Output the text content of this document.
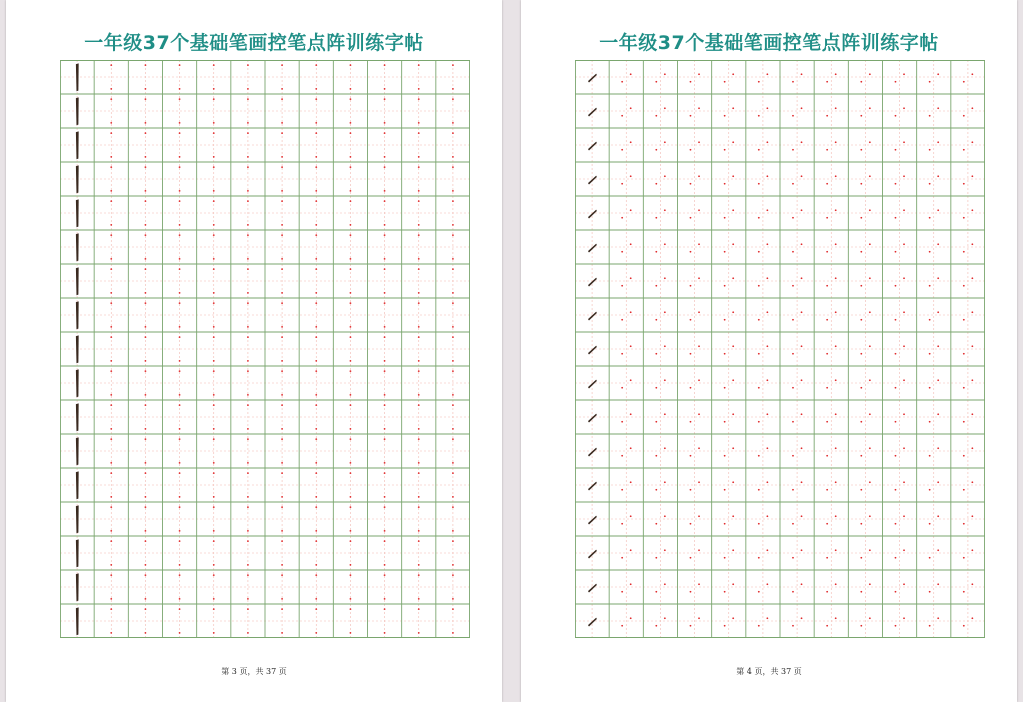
一年级37个基础笔画控笔点阵训练字帖
第 3 页，共 37 页
一年级37个基础笔画控笔点阵训练字帖
第 4 页，共 37 页
